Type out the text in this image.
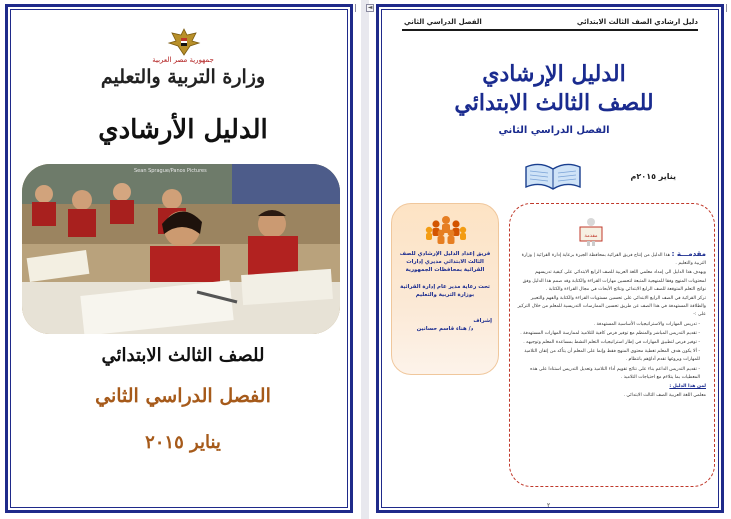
◄
جمهورية مصر العربية
وزارة التربية والتعليم
الدليل الأرشادي
Sean Sprague/Panos Pictures
للصف الثالث الابتدائي
الفصل الدراسي الثاني
يناير ٢٠١٥
الفصل الدراسي الثاني	دليل ارشادي الصف الثالث الابتدائي
الدليل الإرشادي
للصف الثالث الابتدائي
الفصل الدراسي الثاني
يناير ٢٠١٥م
مقدمة

مقدمـــة : هذا الدليل من إنتاج فريق القرائية بمحافظة الجيزة برعاية إدارة القرائية | وزارة التربية والتعليم .

ويهدف هذا الدليل الى إمداد معلمي اللغة العربية للصف الرابع الابتدائي على كيفية تدريسهم لمحتويات المنهج وفقا للمنهجية المتبعة لتحسين مهارات القراءة والكتابة وقد صمم هذا الدليل وفق نواتج التعلم المتوقعة للصف الرابع الابتدائي ونتائج الأبحاث في مجال القراءة والكتابة .

تركز القرائية في الصف الرابع الابتدائي على تحسين مستويات القراءة والكتابة والفهم والتعبير والطلاقة المستهدفة في هذا الصف عن طريق تحسين الممارسات التدريسية للمعلم من خلال التركيز على :-

- تدريس المهارات والاستراتيجيات الأساسية المستهدفة .

- تقديم التدريس المباشر والمنظم مع توفير فرص كافية للتلاميذ لممارسة المهارات المستهدفة .

- توفير فرص لتطبيق المهارات في إطار استراتيجيات التعلم النشط بمساعدة المعلم وتوجيهه .

- ألا يكون هدف المعلم تغطية محتوى المنهج فقط وإنما على المعلم أن يتأكد من إتقان التلاميذ للمهارات وبروغها تقدم أداؤهم بانتظام .

- تقديم التدريس الداعم بناء على نتائج تقويم أداء التلاميذ وتعديل التدريس استنادا على هذه المعطيات بما يتلاءم مع احتياجات التلاميذ .

لمن هذا الدليل :

معلمي اللغة العربية الصف الثالث الابتدائي .

فريق إعداد الدليل الإرشادي للصف الثالث الابتدائي مديري إدارات القرائية بمحافظات الجمهورية

تحت رعاية مدير عام إدارة القرائية بوزارة التربية والتعليم

إشراف

د/ هناء قاسم حسانين

٢
